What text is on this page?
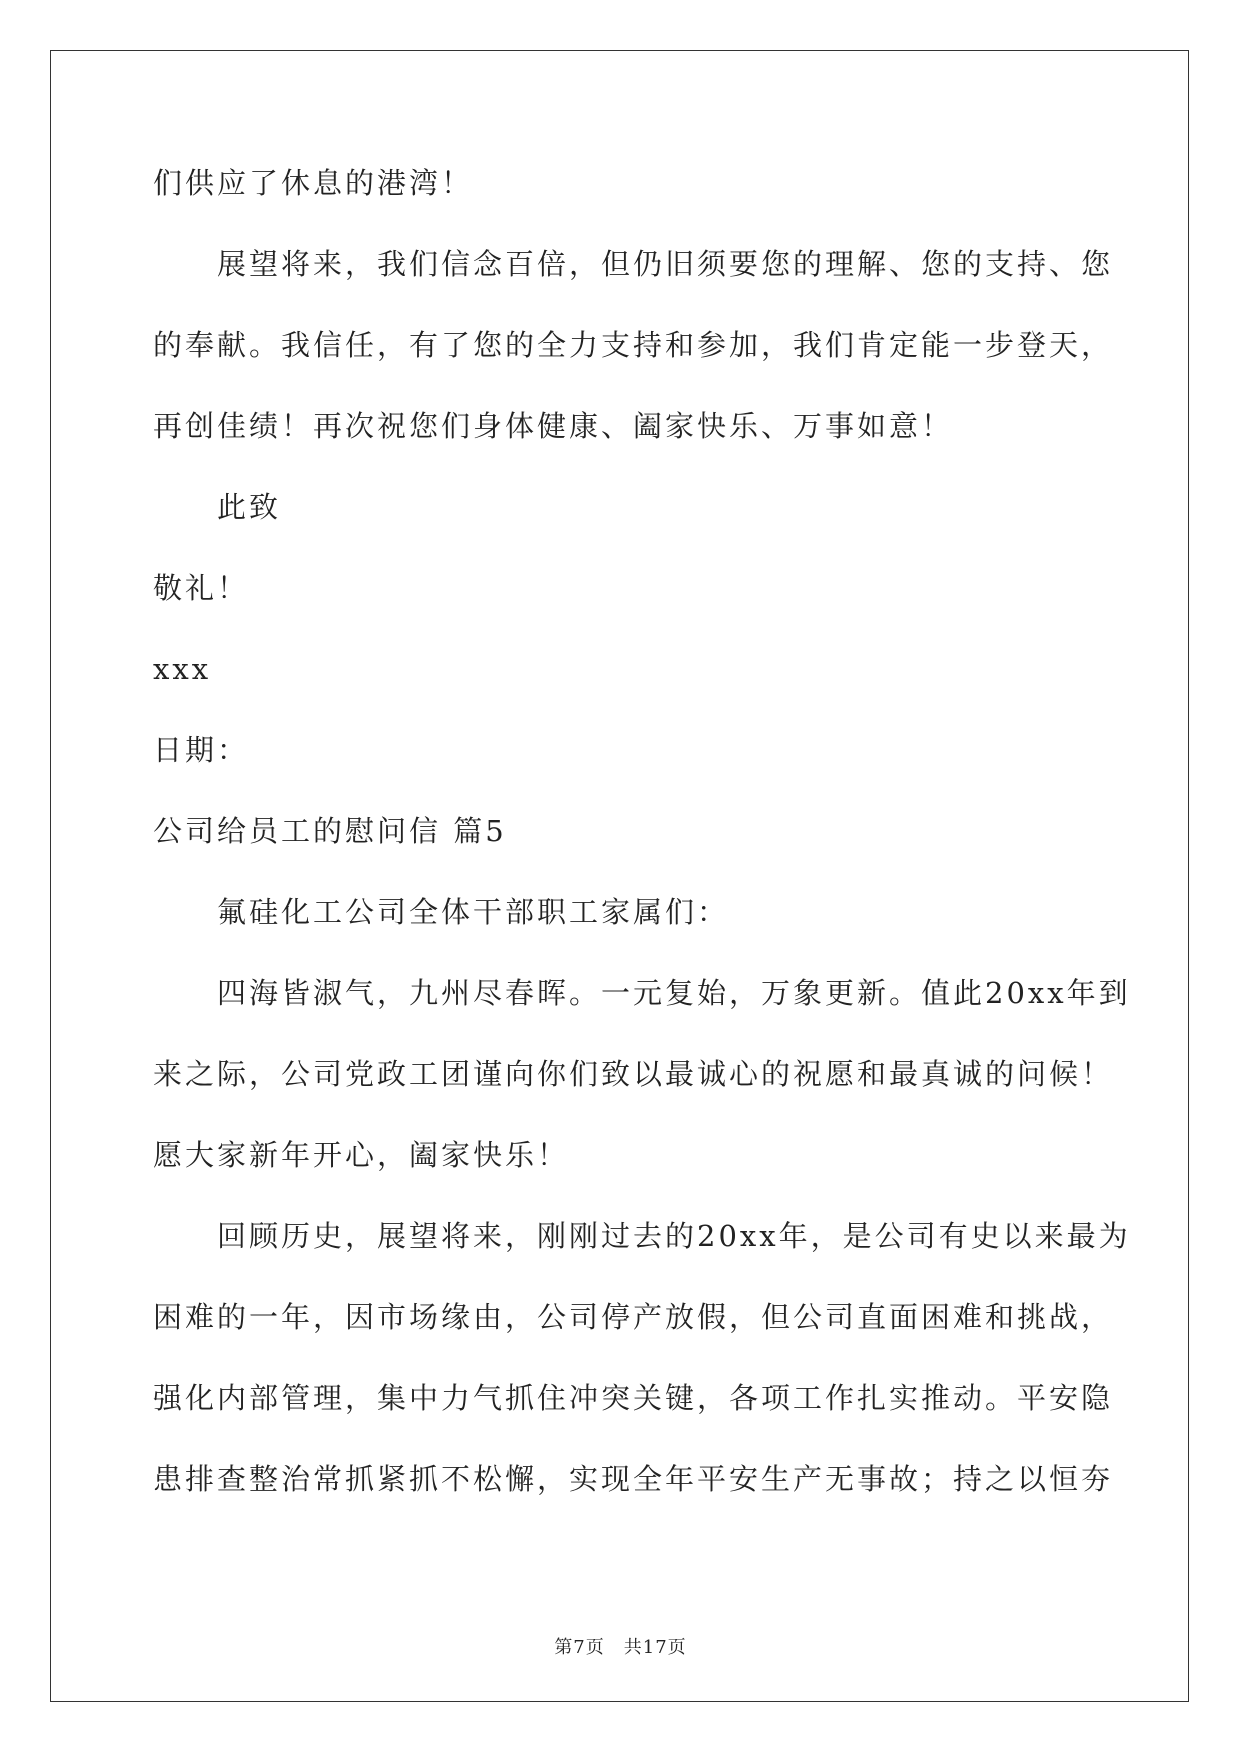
们供应了休息的港湾！
展望将来，我们信念百倍，但仍旧须要您的理解、您的支持、您
的奉献。我信任，有了您的全力支持和参加，我们肯定能一步登天，
再创佳绩！再次祝您们身体健康、阖家快乐、万事如意！
此致
敬礼！
xxx
日期：
公司给员工的慰问信 篇5
氟硅化工公司全体干部职工家属们：
四海皆淑气，九州尽春晖。一元复始，万象更新。值此20xx年到
来之际，公司党政工团谨向你们致以最诚心的祝愿和最真诚的问候！
愿大家新年开心，阖家快乐！
回顾历史，展望将来，刚刚过去的20xx年，是公司有史以来最为
困难的一年，因市场缘由，公司停产放假，但公司直面困难和挑战，
强化内部管理，集中力气抓住冲突关键，各项工作扎实推动。平安隐
患排查整治常抓紧抓不松懈，实现全年平安生产无事故；持之以恒夯
第7页　共17页
